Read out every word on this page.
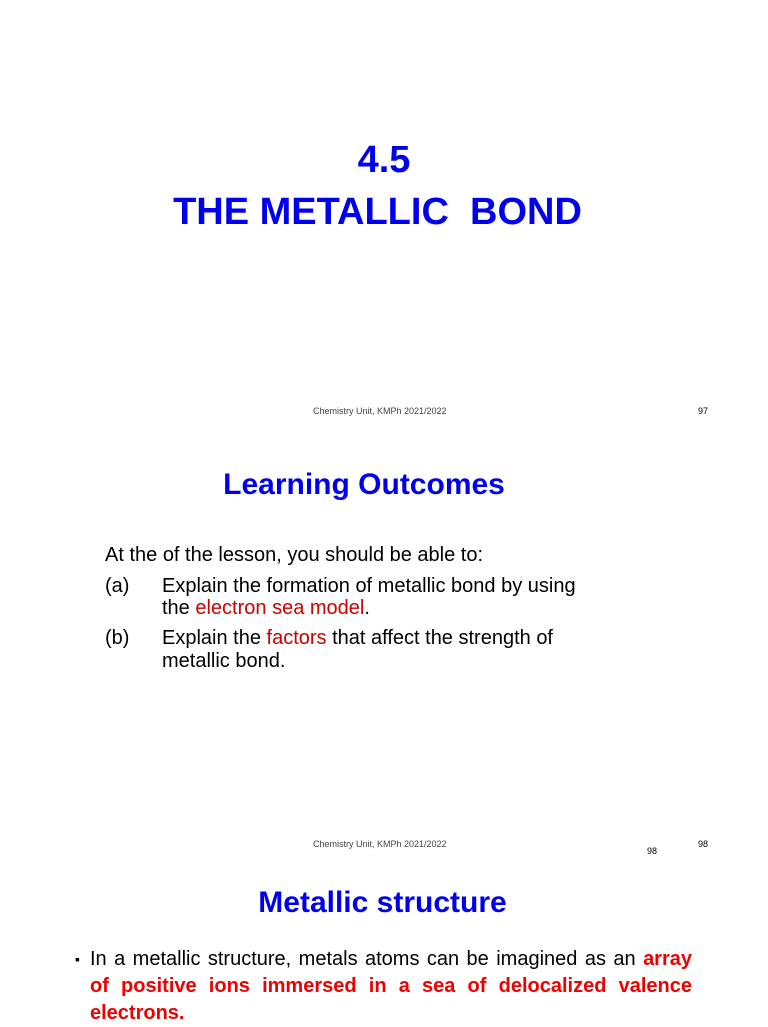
4.5
THE METALLIC  BOND
Chemistry Unit, KMPh 2021/2022	97
Learning Outcomes
At the of the lesson, you should be able to:
(a) Explain the formation of metallic bond by using
the electron sea model.
(b) Explain the factors that affect the strength of
metallic bond.
Chemistry Unit, KMPh 2021/2022
98
98
Metallic structure
▪ In a metallic structure, metals atoms can be imagined as an array of positive ions immersed in a sea of delocalized valence electrons.
